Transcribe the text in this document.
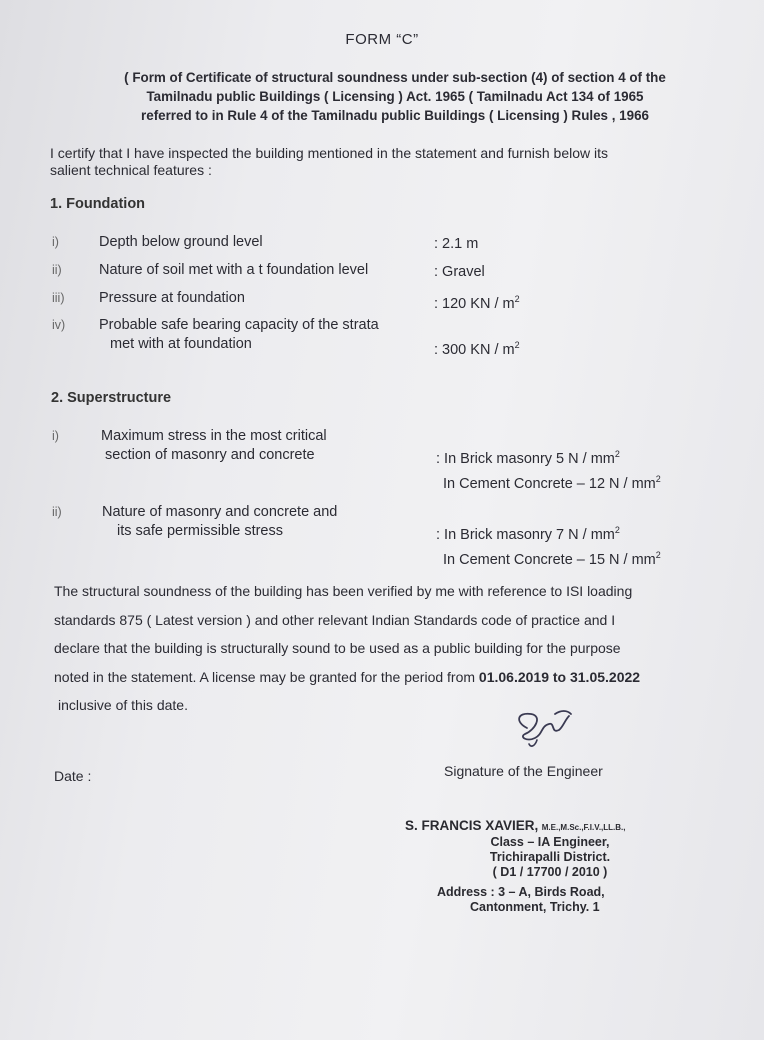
FORM “C”
( Form of Certificate of structural soundness under sub-section (4) of section 4 of the
Tamilnadu public Buildings ( Licensing ) Act. 1965 ( Tamilnadu Act 134 of 1965
referred to in Rule 4 of the Tamilnadu public Buildings ( Licensing ) Rules , 1966
I certify that I have inspected the building mentioned in the statement and furnish below its
salient technical features :
1. Foundation
i)	Depth below ground level	: 2.1 m
ii)	Nature of soil met with a t foundation level	: Gravel
iii) Pressure at foundation	: 120 KN / $m^2$
iv) Probable safe bearing capacity of the strata
met with at foundation	: 300 KN / $m^2$
2. Superstructure
i)	Maximum stress in the most critical
section of masonry and concrete	: In Brick masonry 5 N / $mm^2$
In Cement Concrete – 12 N / $mm^2$
ii)	Nature of masonry and concrete and
its safe permissible stress	: In Brick masonry 7 N / $mm^2$
In Cement Concrete – 15 N / $mm^2$
The structural soundness of the building has been verified by me with reference to ISI loading
standards 875 ( Latest version ) and other relevant Indian Standards code of practice and I
declare that the building is structurally sound to be used as a public building for the purpose
noted in the statement. A license may be granted for the period from 01.06.2019 to 31.05.2022
inclusive of this date.
Date :	Signature of the Engineer
S. FRANCIS XAVIER, M.E.,M.Sc.,F.I.V.,LL.B.,
Class – IA Engineer,
Trichirapalli District.
( D1 / 17700 / 2010 )
Address : 3 – A, Birds Road,
Cantonment, Trichy. 1
